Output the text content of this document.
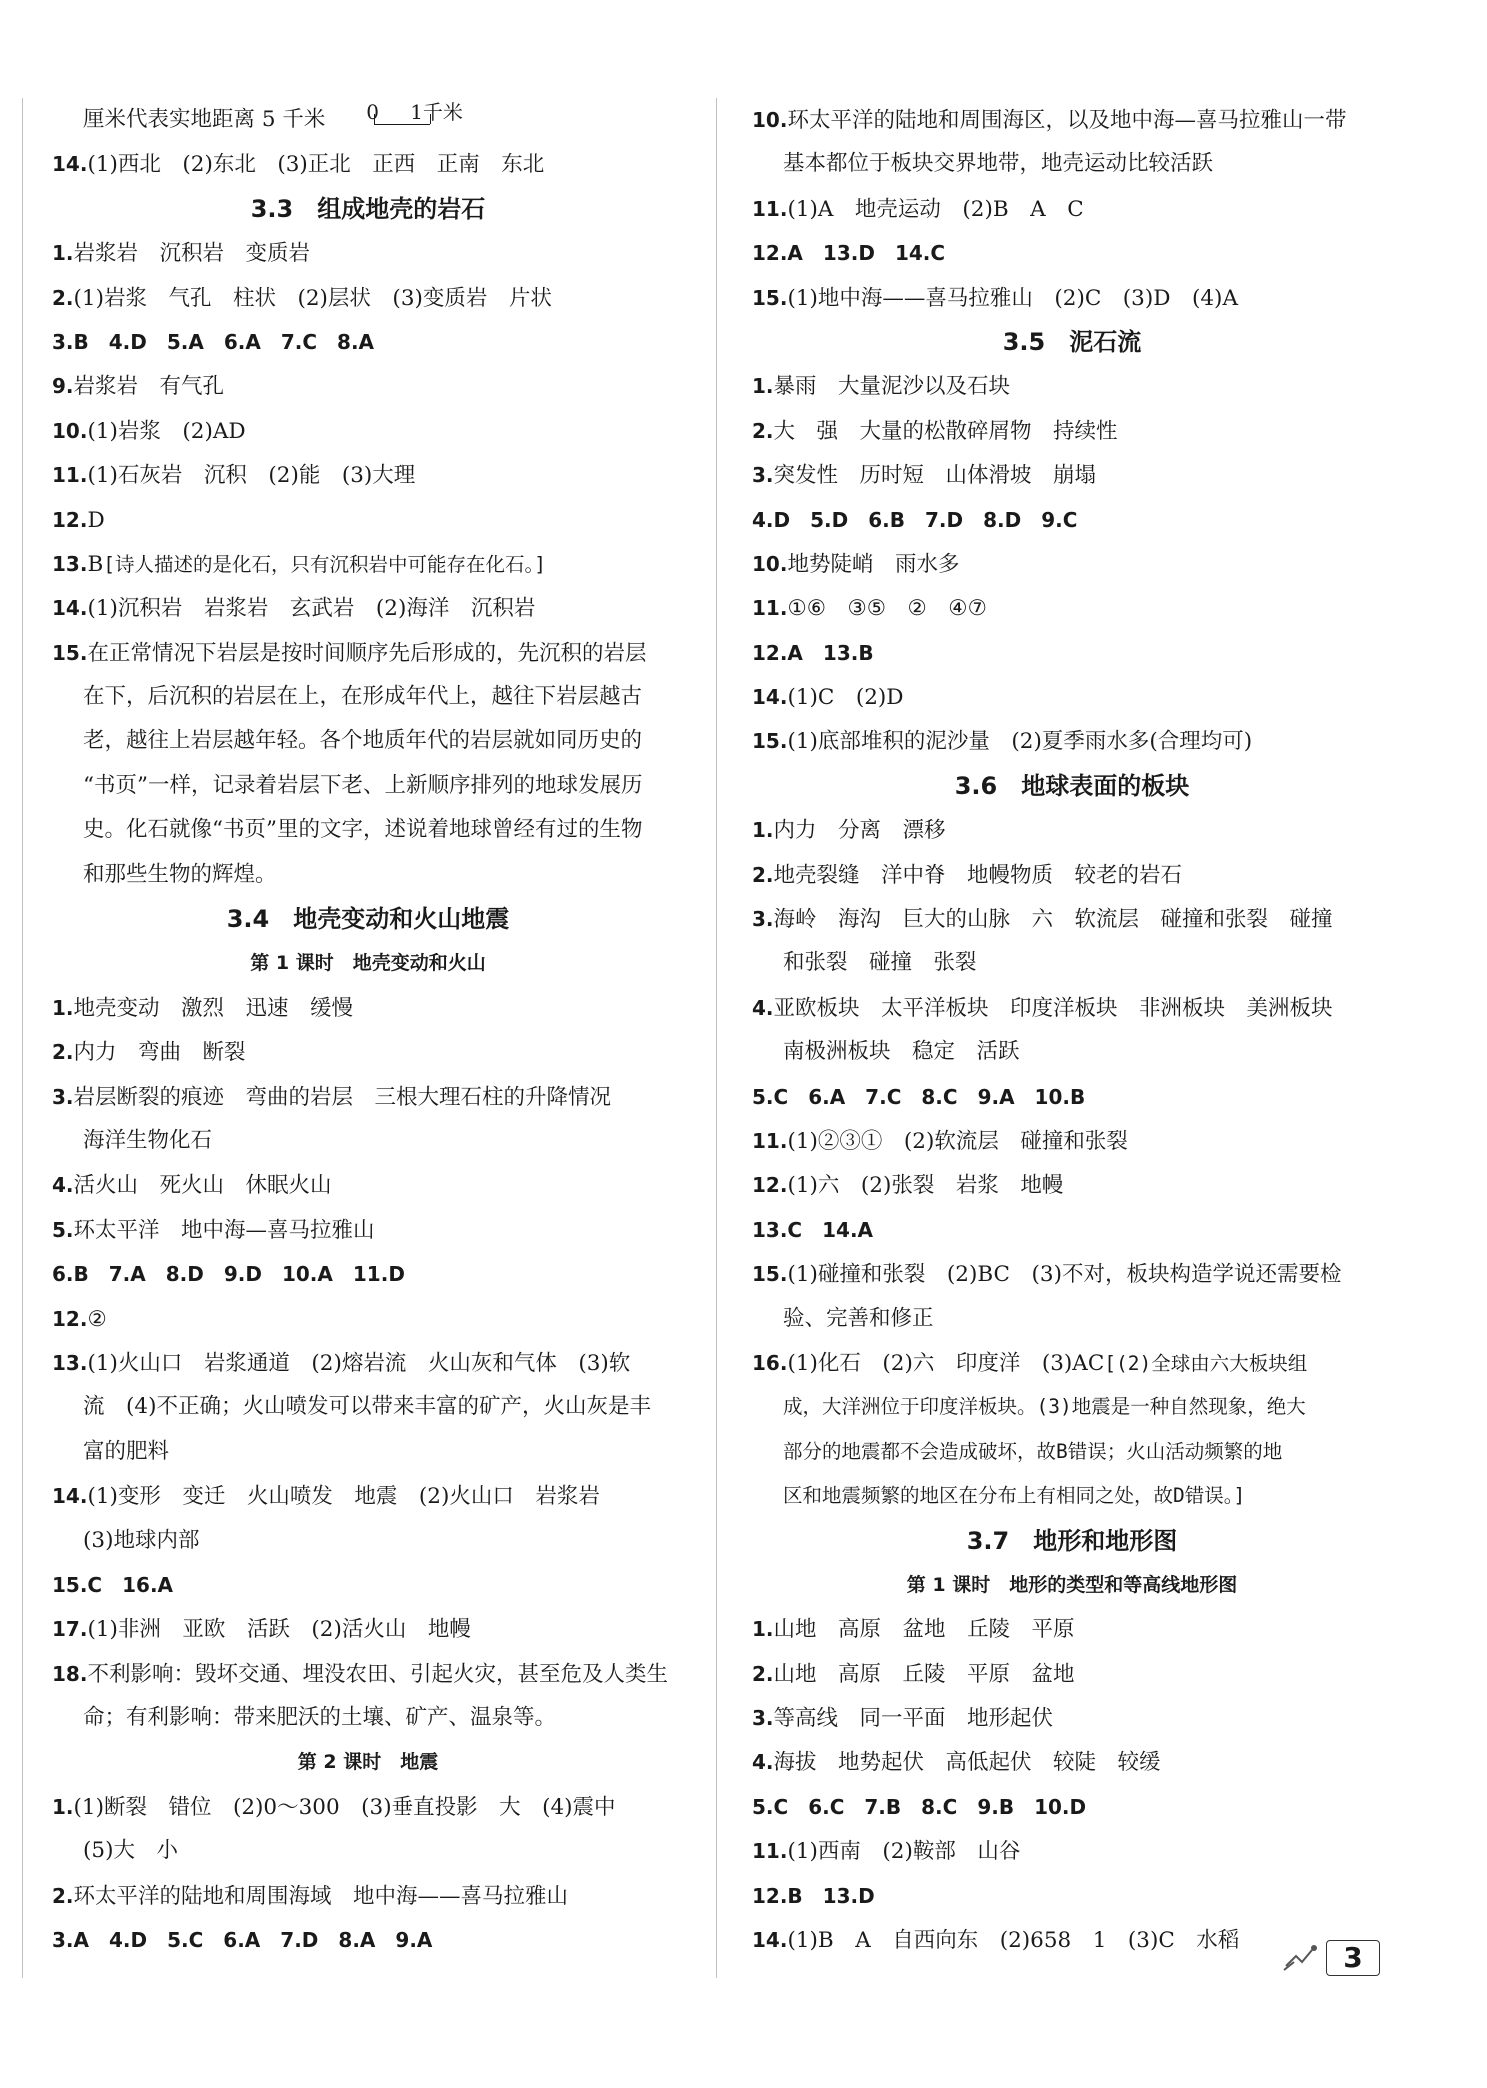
厘米代表实地距离 5 千米 0 1千米
14.(1)西北　(2)东北　(3)正北　正西　正南　东北
3.3　组成地壳的岩石
1.岩浆岩　沉积岩　变质岩
2.(1)岩浆　气孔　柱状　(2)层状　(3)变质岩　片状
3.B　4.D　5.A　6.A　7.C　8.A
9.岩浆岩　有气孔
10.(1)岩浆　(2)AD
11.(1)石灰岩　沉积　(2)能　(3)大理
12.D
13.B[诗人描述的是化石，只有沉积岩中可能存在化石。]
14.(1)沉积岩　岩浆岩　玄武岩　(2)海洋　沉积岩
15.在正常情况下岩层是按时间顺序先后形成的，先沉积的岩层
在下，后沉积的岩层在上，在形成年代上，越往下岩层越古
老，越往上岩层越年轻。各个地质年代的岩层就如同历史的
“书页”一样，记录着岩层下老、上新顺序排列的地球发展历
史。化石就像“书页”里的文字，述说着地球曾经有过的生物
和那些生物的辉煌。
3.4　地壳变动和火山地震
第 1 课时　地壳变动和火山
1.地壳变动　激烈　迅速　缓慢
2.内力　弯曲　断裂
3.岩层断裂的痕迹　弯曲的岩层　三根大理石柱的升降情况
海洋生物化石
4.活火山　死火山　休眠火山
5.环太平洋　地中海—喜马拉雅山
6.B　7.A　8.D　9.D　10.A　11.D
12.②
13.(1)火山口　岩浆通道　(2)熔岩流　火山灰和气体　(3)软
流　(4)不正确；火山喷发可以带来丰富的矿产，火山灰是丰
富的肥料
14.(1)变形　变迁　火山喷发　地震　(2)火山口　岩浆岩
(3)地球内部
15.C　16.A
17.(1)非洲　亚欧　活跃　(2)活火山　地幔
18.不利影响：毁坏交通、埋没农田、引起火灾，甚至危及人类生
命；有利影响：带来肥沃的土壤、矿产、温泉等。
第 2 课时　地震
1.(1)断裂　错位　(2)0～300　(3)垂直投影　大　(4)震中
(5)大　小
2.环太平洋的陆地和周围海域　地中海——喜马拉雅山
3.A　4.D　5.C　6.A　7.D　8.A　9.A
10.环太平洋的陆地和周围海区，以及地中海—喜马拉雅山一带
基本都位于板块交界地带，地壳运动比较活跃
11.(1)A　地壳运动　(2)B　A　C
12.A　13.D　14.C
15.(1)地中海——喜马拉雅山　(2)C　(3)D　(4)A
3.5　泥石流
1.暴雨　大量泥沙以及石块
2.大　强　大量的松散碎屑物　持续性
3.突发性　历时短　山体滑坡　崩塌
4.D　5.D　6.B　7.D　8.D　9.C
10.地势陡峭　雨水多
11.①⑥　③⑤　②　④⑦
12.A　13.B
14.(1)C　(2)D
15.(1)底部堆积的泥沙量　(2)夏季雨水多(合理均可)
3.6　地球表面的板块
1.内力　分离　漂移
2.地壳裂缝　洋中脊　地幔物质　较老的岩石
3.海岭　海沟　巨大的山脉　六　软流层　碰撞和张裂　碰撞
和张裂　碰撞　张裂
4.亚欧板块　太平洋板块　印度洋板块　非洲板块　美洲板块
南极洲板块　稳定　活跃
5.C　6.A　7.C　8.C　9.A　10.B
11.(1)②③①　(2)软流层　碰撞和张裂
12.(1)六　(2)张裂　岩浆　地幔
13.C　14.A
15.(1)碰撞和张裂　(2)BC　(3)不对，板块构造学说还需要检
验、完善和修正
16.(1)化石　(2)六　印度洋　(3)AC[(2)全球由六大板块组
成，大洋洲位于印度洋板块。(3)地震是一种自然现象，绝大
部分的地震都不会造成破坏，故B错误；火山活动频繁的地
区和地震频繁的地区在分布上有相同之处，故D错误。]
3.7　地形和地形图
第 1 课时　地形的类型和等高线地形图
1.山地　高原　盆地　丘陵　平原
2.山地　高原　丘陵　平原　盆地
3.等高线　同一平面　地形起伏
4.海拔　地势起伏　高低起伏　较陡　较缓
5.C　6.C　7.B　8.C　9.B　10.D
11.(1)西南　(2)鞍部　山谷
12.B　13.D
14.(1)B　A　自西向东　(2)658　1　(3)C　水稻
3
